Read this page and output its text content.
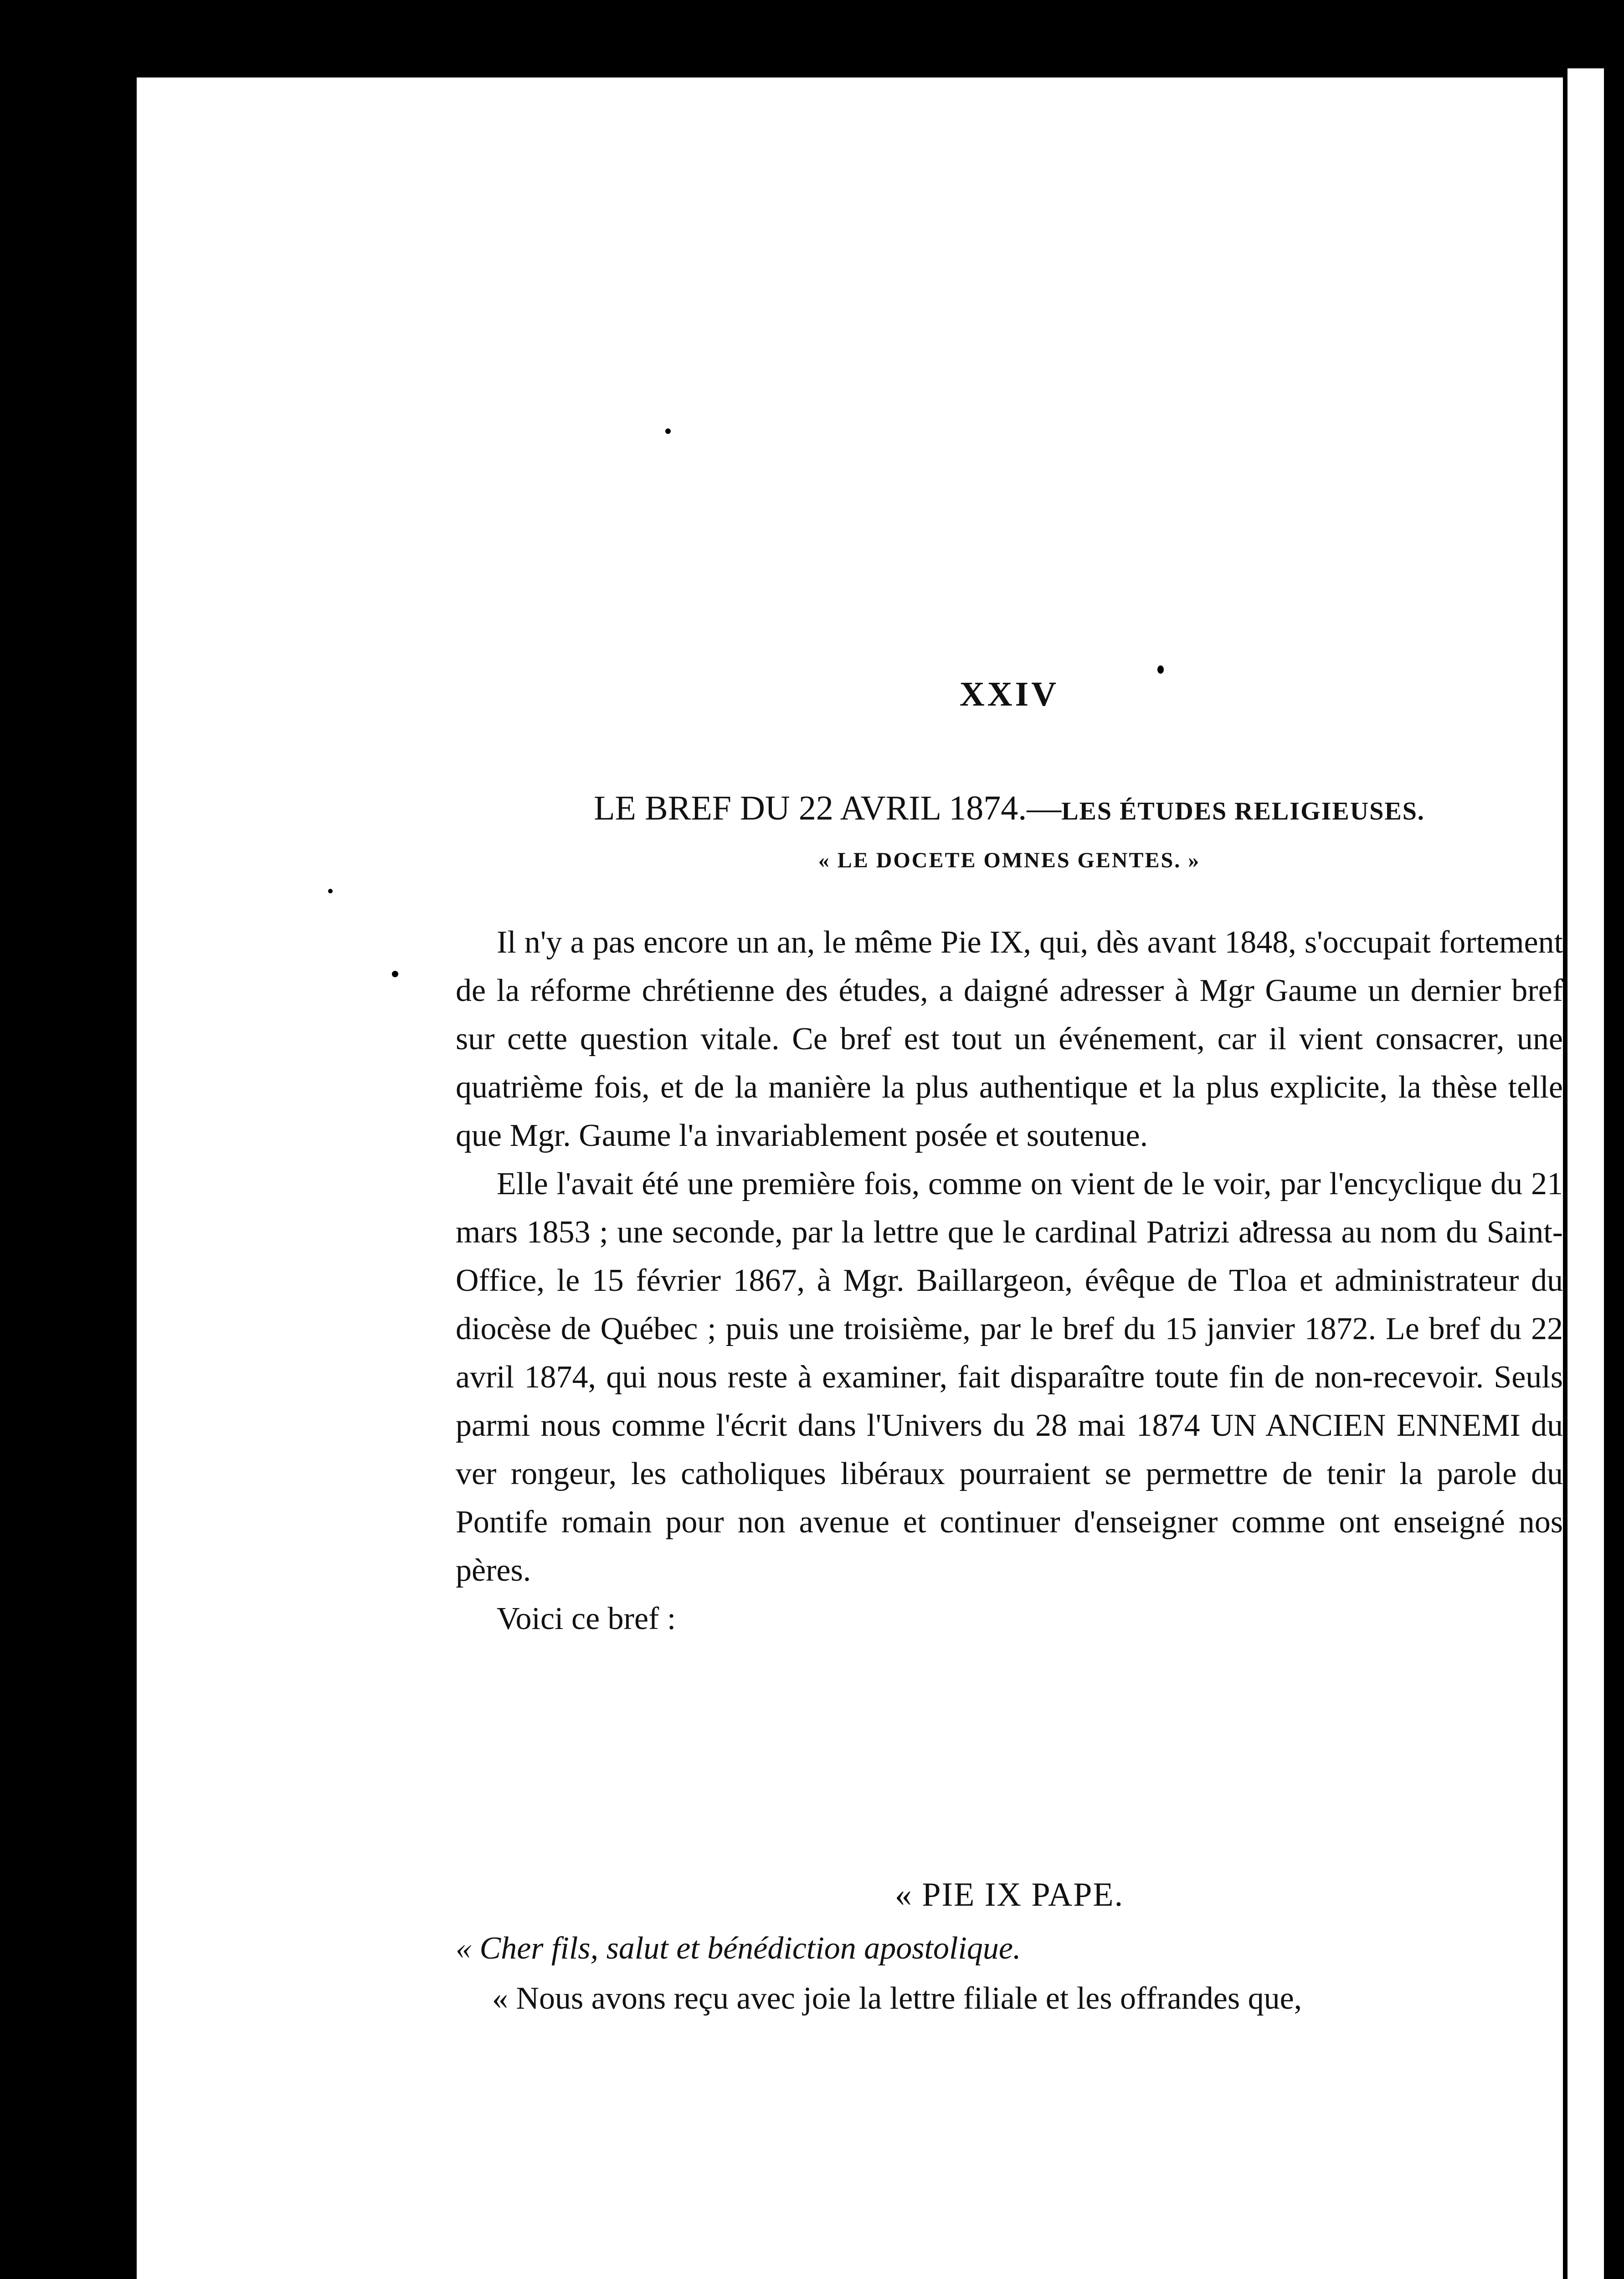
XXIV
LE BREF DU 22 AVRIL 1874.—LES ÉTUDES RELIGIEUSES.
« LE DOCETE OMNES GENTES. »

Il n'y a pas encore un an, le même Pie IX, qui, dès avant 1848, s'occupait fortement de la réforme chrétienne des études, a daigné adresser à Mgr Gaume un dernier bref sur cette question vitale. Ce bref est tout un événement, car il vient consacrer, une quatrième fois, et de la manière la plus authentique et la plus explicite, la thèse telle que Mgr. Gaume l'a invariablement posée et soutenue.

Elle l'avait été une première fois, comme on vient de le voir, par l'encyclique du 21 mars 1853 ; une seconde, par la lettre que le cardinal Patrizi adressa au nom du Saint-Office, le 15 février 1867, à Mgr. Baillargeon, évêque de Tloa et administrateur du diocèse de Québec ; puis une troisième, par le bref du 15 janvier 1872. Le bref du 22 avril 1874, qui nous reste à examiner, fait disparaître toute fin de non-recevoir. Seuls parmi nous comme l'écrit dans l'Univers du 28 mai 1874 UN ANCIEN ENNEMI du ver rongeur, les catholiques libéraux pourraient se permettre de tenir la parole du Pontife romain pour non avenue et continuer d'enseigner comme ont enseigné nos pères.

Voici ce bref :

« PIE IX PAPE.
« Cher fils, salut et bénédiction apostolique.
« Nous avons reçu avec joie la lettre filiale et les offrandes que,
